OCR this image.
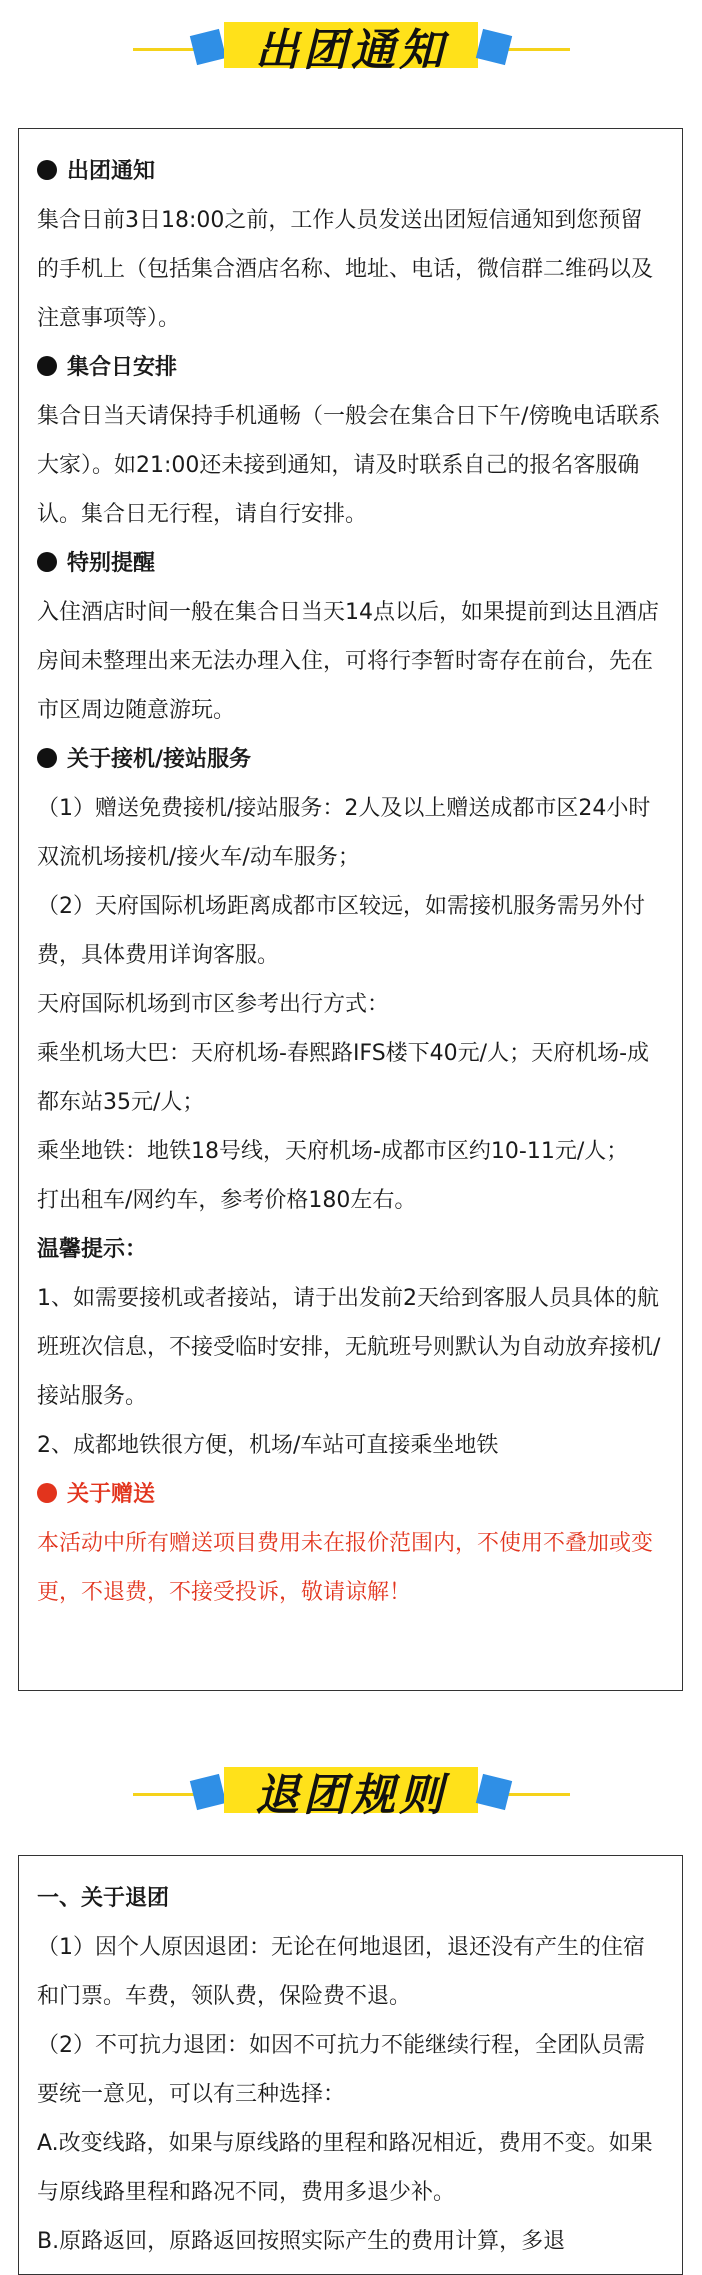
出团通知

出团通知

集合日前3日18:00之前，工作人员发送出团短信通知到您预留的手机上（包括集合酒店名称、地址、电话，微信群二维码以及注意事项等）。

集合日安排

集合日当天请保持手机通畅（一般会在集合日下午/傍晚电话联系大家）。如21:00还未接到通知，请及时联系自己的报名客服确认。集合日无行程，请自行安排。

特别提醒

入住酒店时间一般在集合日当天14点以后，如果提前到达且酒店房间未整理出来无法办理入住，可将行李暂时寄存在前台，先在市区周边随意游玩。

关于接机/接站服务

（1）赠送免费接机/接站服务：2人及以上赠送成都市区24小时双流机场接机/接火车/动车服务；

（2）天府国际机场距离成都市区较远，如需接机服务需另外付费，具体费用详询客服。

天府国际机场到市区参考出行方式：

乘坐机场大巴：天府机场-春熙路IFS楼下40元/人；天府机场-成都东站35元/人；

乘坐地铁：地铁18号线，天府机场-成都市区约10-11元/人；

打出租车/网约车，参考价格180左右。

温馨提示：

1、如需要接机或者接站，请于出发前2天给到客服人员具体的航班班次信息，不接受临时安排，无航班号则默认为自动放弃接机/接站服务。

2、成都地铁很方便，机场/车站可直接乘坐地铁

关于赠送

本活动中所有赠送项目费用未在报价范围内，不使用不叠加或变更，不退费，不接受投诉，敬请谅解！

退团规则

一、关于退团

（1）因个人原因退团：无论在何地退团，退还没有产生的住宿和门票。车费，领队费，保险费不退。

（2）不可抗力退团：如因不可抗力不能继续行程，全团队员需要统一意见，可以有三种选择：

A.改变线路，如果与原线路的里程和路况相近，费用不变。如果与原线路里程和路况不同，费用多退少补。

B.原路返回，原路返回按照实际产生的费用计算，多退
